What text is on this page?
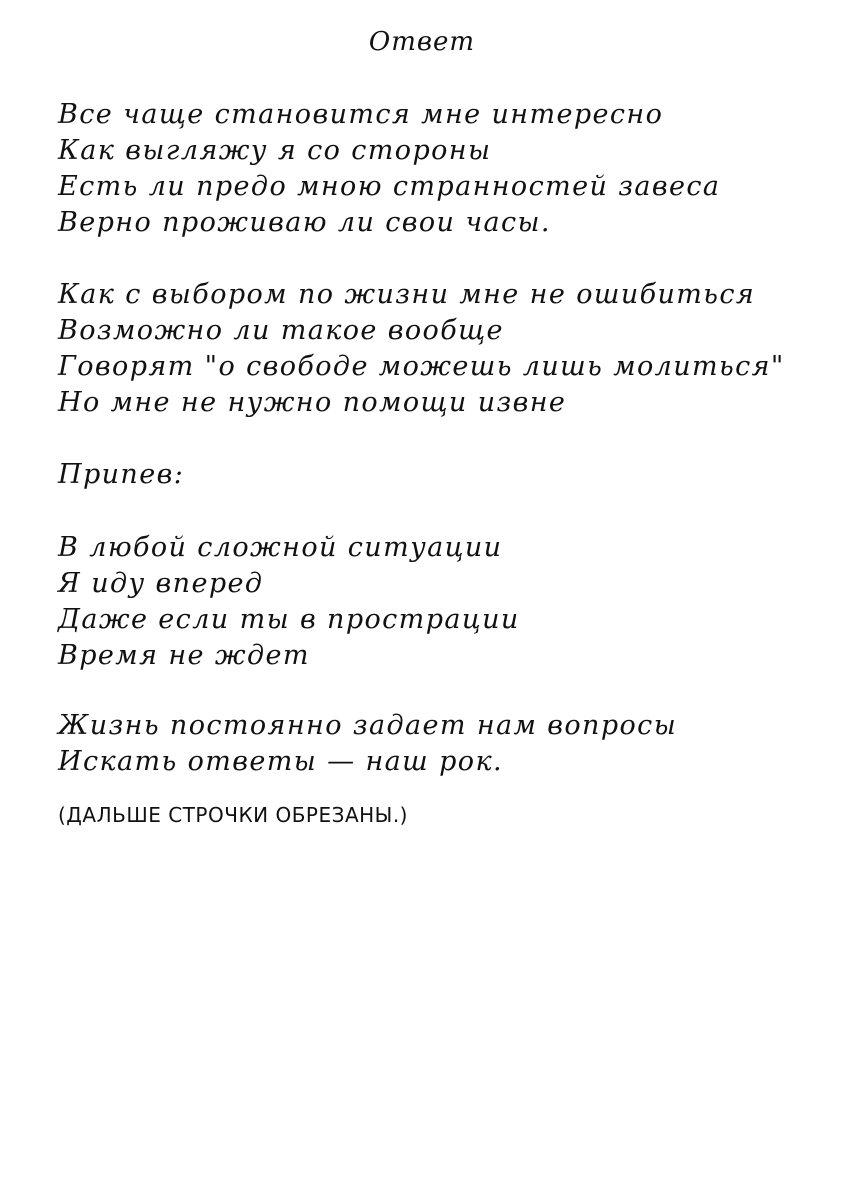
Ответ
Все чаще становится мне интересно
Как выгляжу я со стороны
Есть ли предо мною странностей завеса
Верно проживаю ли свои часы.
Как с выбором по жизни мне не ошибиться
Возможно ли такое вообще
Говорят "о свободе можешь лишь молиться"
Но мне не нужно помощи извне
Припев:
В любой сложной ситуации
Я иду вперед
Даже если ты в прострации
Время не ждет
Жизнь постоянно задает нам вопросы
Искать ответы — наш рок.
(ДАЛЬШЕ СТРОЧКИ ОБРЕЗАНЫ.)
